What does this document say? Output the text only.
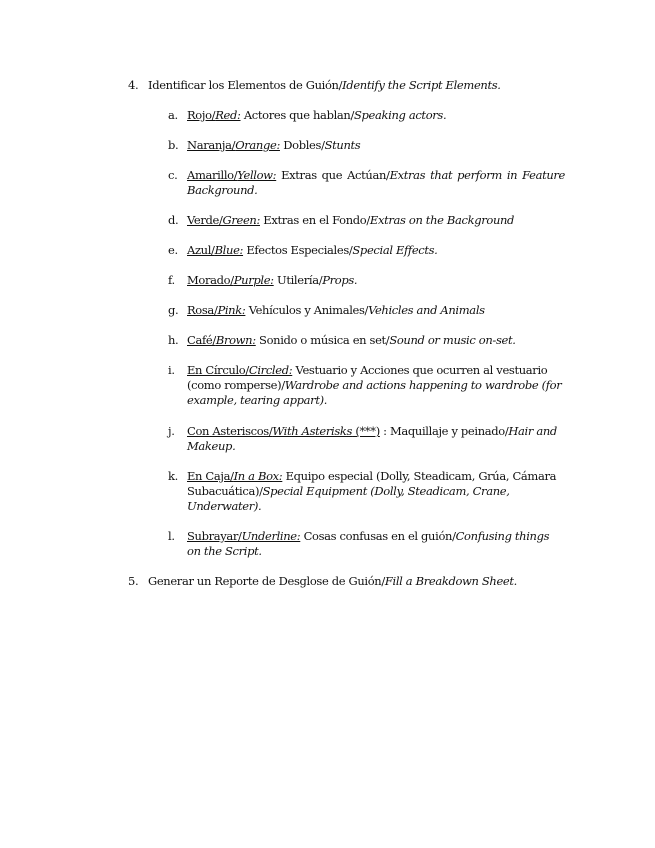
4. Identificar los Elementos de Guión/Identify the Script Elements.
a. Rojo/Red: Actores que hablan/Speaking actors.
b. Naranja/Orange: Dobles/Stunts
c. Amarillo/Yellow: Extras que Actúan/Extras that perform in Feature Background.
d. Verde/Green: Extras en el Fondo/Extras on the Background
e. Azul/Blue: Efectos Especiales/Special Effects.
f. Morado/Purple: Utilería/Props.
g. Rosa/Pink: Vehículos y Animales/Vehicles and Animals
h. Café/Brown: Sonido o música en set/Sound or music on-set.
i. En Círculo/Circled: Vestuario y Acciones que ocurren al vestuario (como romperse)/Wardrobe and actions happening to wardrobe (for example, tearing appart).
j. Con Asteriscos/With Asterisks (***) : Maquillaje y peinado/Hair and Makeup.
k. En Caja/In a Box: Equipo especial (Dolly, Steadicam, Grúa, Cámara Subacuática)/Special Equipment (Dolly, Steadicam, Crane, Underwater).
l. Subrayar/Underline: Cosas confusas en el guión/Confusing things on the Script.
5. Generar un Reporte de Desglose de Guión/Fill a Breakdown Sheet.
